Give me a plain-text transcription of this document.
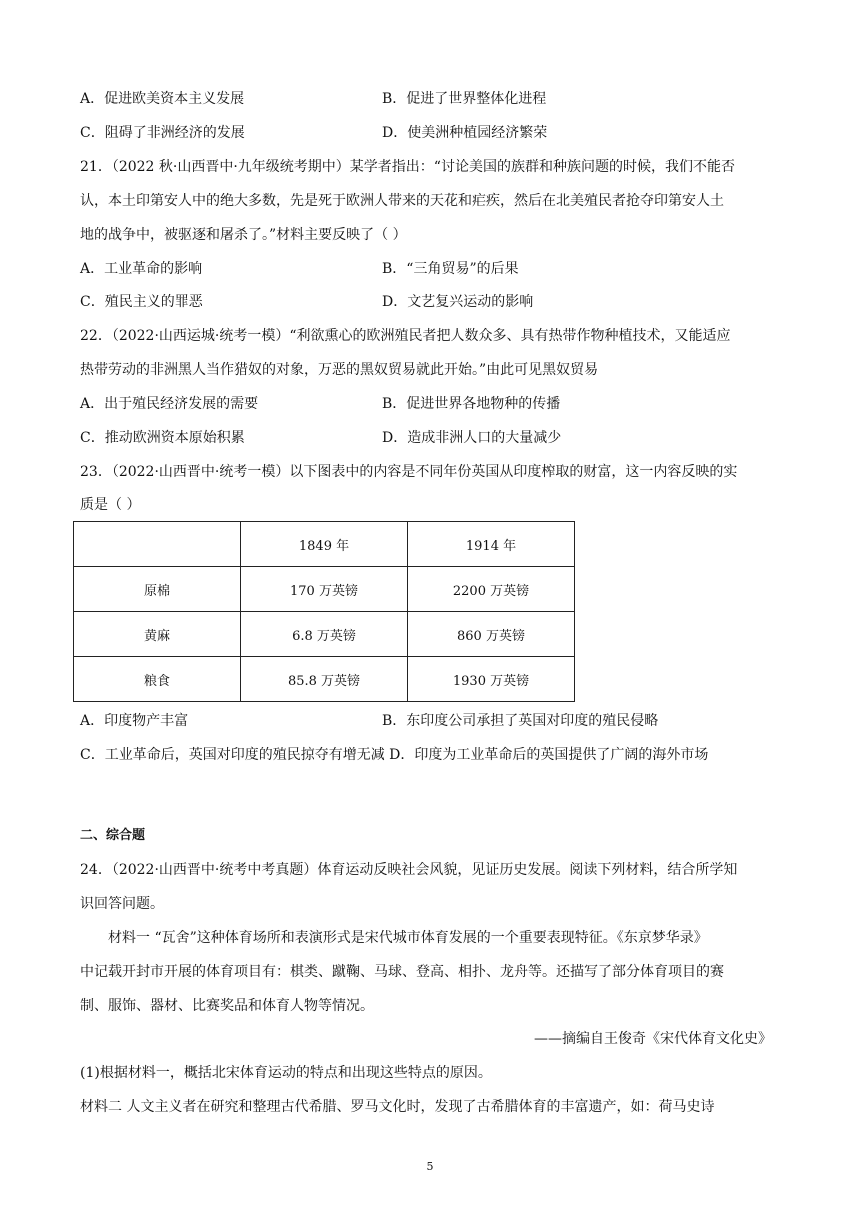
A．促进欧美资本主义发展	B．促进了世界整体化进程
C．阻碍了非洲经济的发展	D．使美洲种植园经济繁荣
21．（2022 秋·山西晋中·九年级统考期中）某学者指出：“讨论美国的族群和种族问题的时候，我们不能否
认，本土印第安人中的绝大多数，先是死于欧洲人带来的天花和疟疾，然后在北美殖民者抢夺印第安人土
地的战争中，被驱逐和屠杀了。”材料主要反映了（ ）
A．工业革命的影响	B．“三角贸易”的后果
C．殖民主义的罪恶	D．文艺复兴运动的影响
22．（2022·山西运城·统考一模）“利欲熏心的欧洲殖民者把人数众多、具有热带作物种植技术，又能适应
热带劳动的非洲黑人当作猎奴的对象，万恶的黑奴贸易就此开始。”由此可见黑奴贸易
A．出于殖民经济发展的需要	B．促进世界各地物种的传播
C．推动欧洲资本原始积累	D．造成非洲人口的大量减少
23．（2022·山西晋中·统考一模）以下图表中的内容是不同年份英国从印度榨取的财富，这一内容反映的实
质是（ ）
	1849 年	1914 年
原棉	170 万英镑	2200 万英镑
黄麻	6.8 万英镑	860 万英镑
粮食	85.8 万英镑	1930 万英镑
A．印度物产丰富	B．东印度公司承担了英国对印度的殖民侵略
C．工业革命后，英国对印度的殖民掠夺有增无减 D．印度为工业革命后的英国提供了广阔的海外市场
二、综合题
24．（2022·山西晋中·统考中考真题）体育运动反映社会风貌，见证历史发展。阅读下列材料，结合所学知
识回答问题。
材料一 “瓦舍”这种体育场所和表演形式是宋代城市体育发展的一个重要表现特征。《东京梦华录》
中记载开封市开展的体育项目有：棋类、蹴鞠、马球、登高、相扑、龙舟等。还描写了部分体育项目的赛
制、服饰、器材、比赛奖品和体育人物等情况。
——摘编自王俊奇《宋代体育文化史》
(1)根据材料一，概括北宋体育运动的特点和出现这些特点的原因。
材料二 人文主义者在研究和整理古代希腊、罗马文化时，发现了古希腊体育的丰富遗产，如：荷马史诗
5
